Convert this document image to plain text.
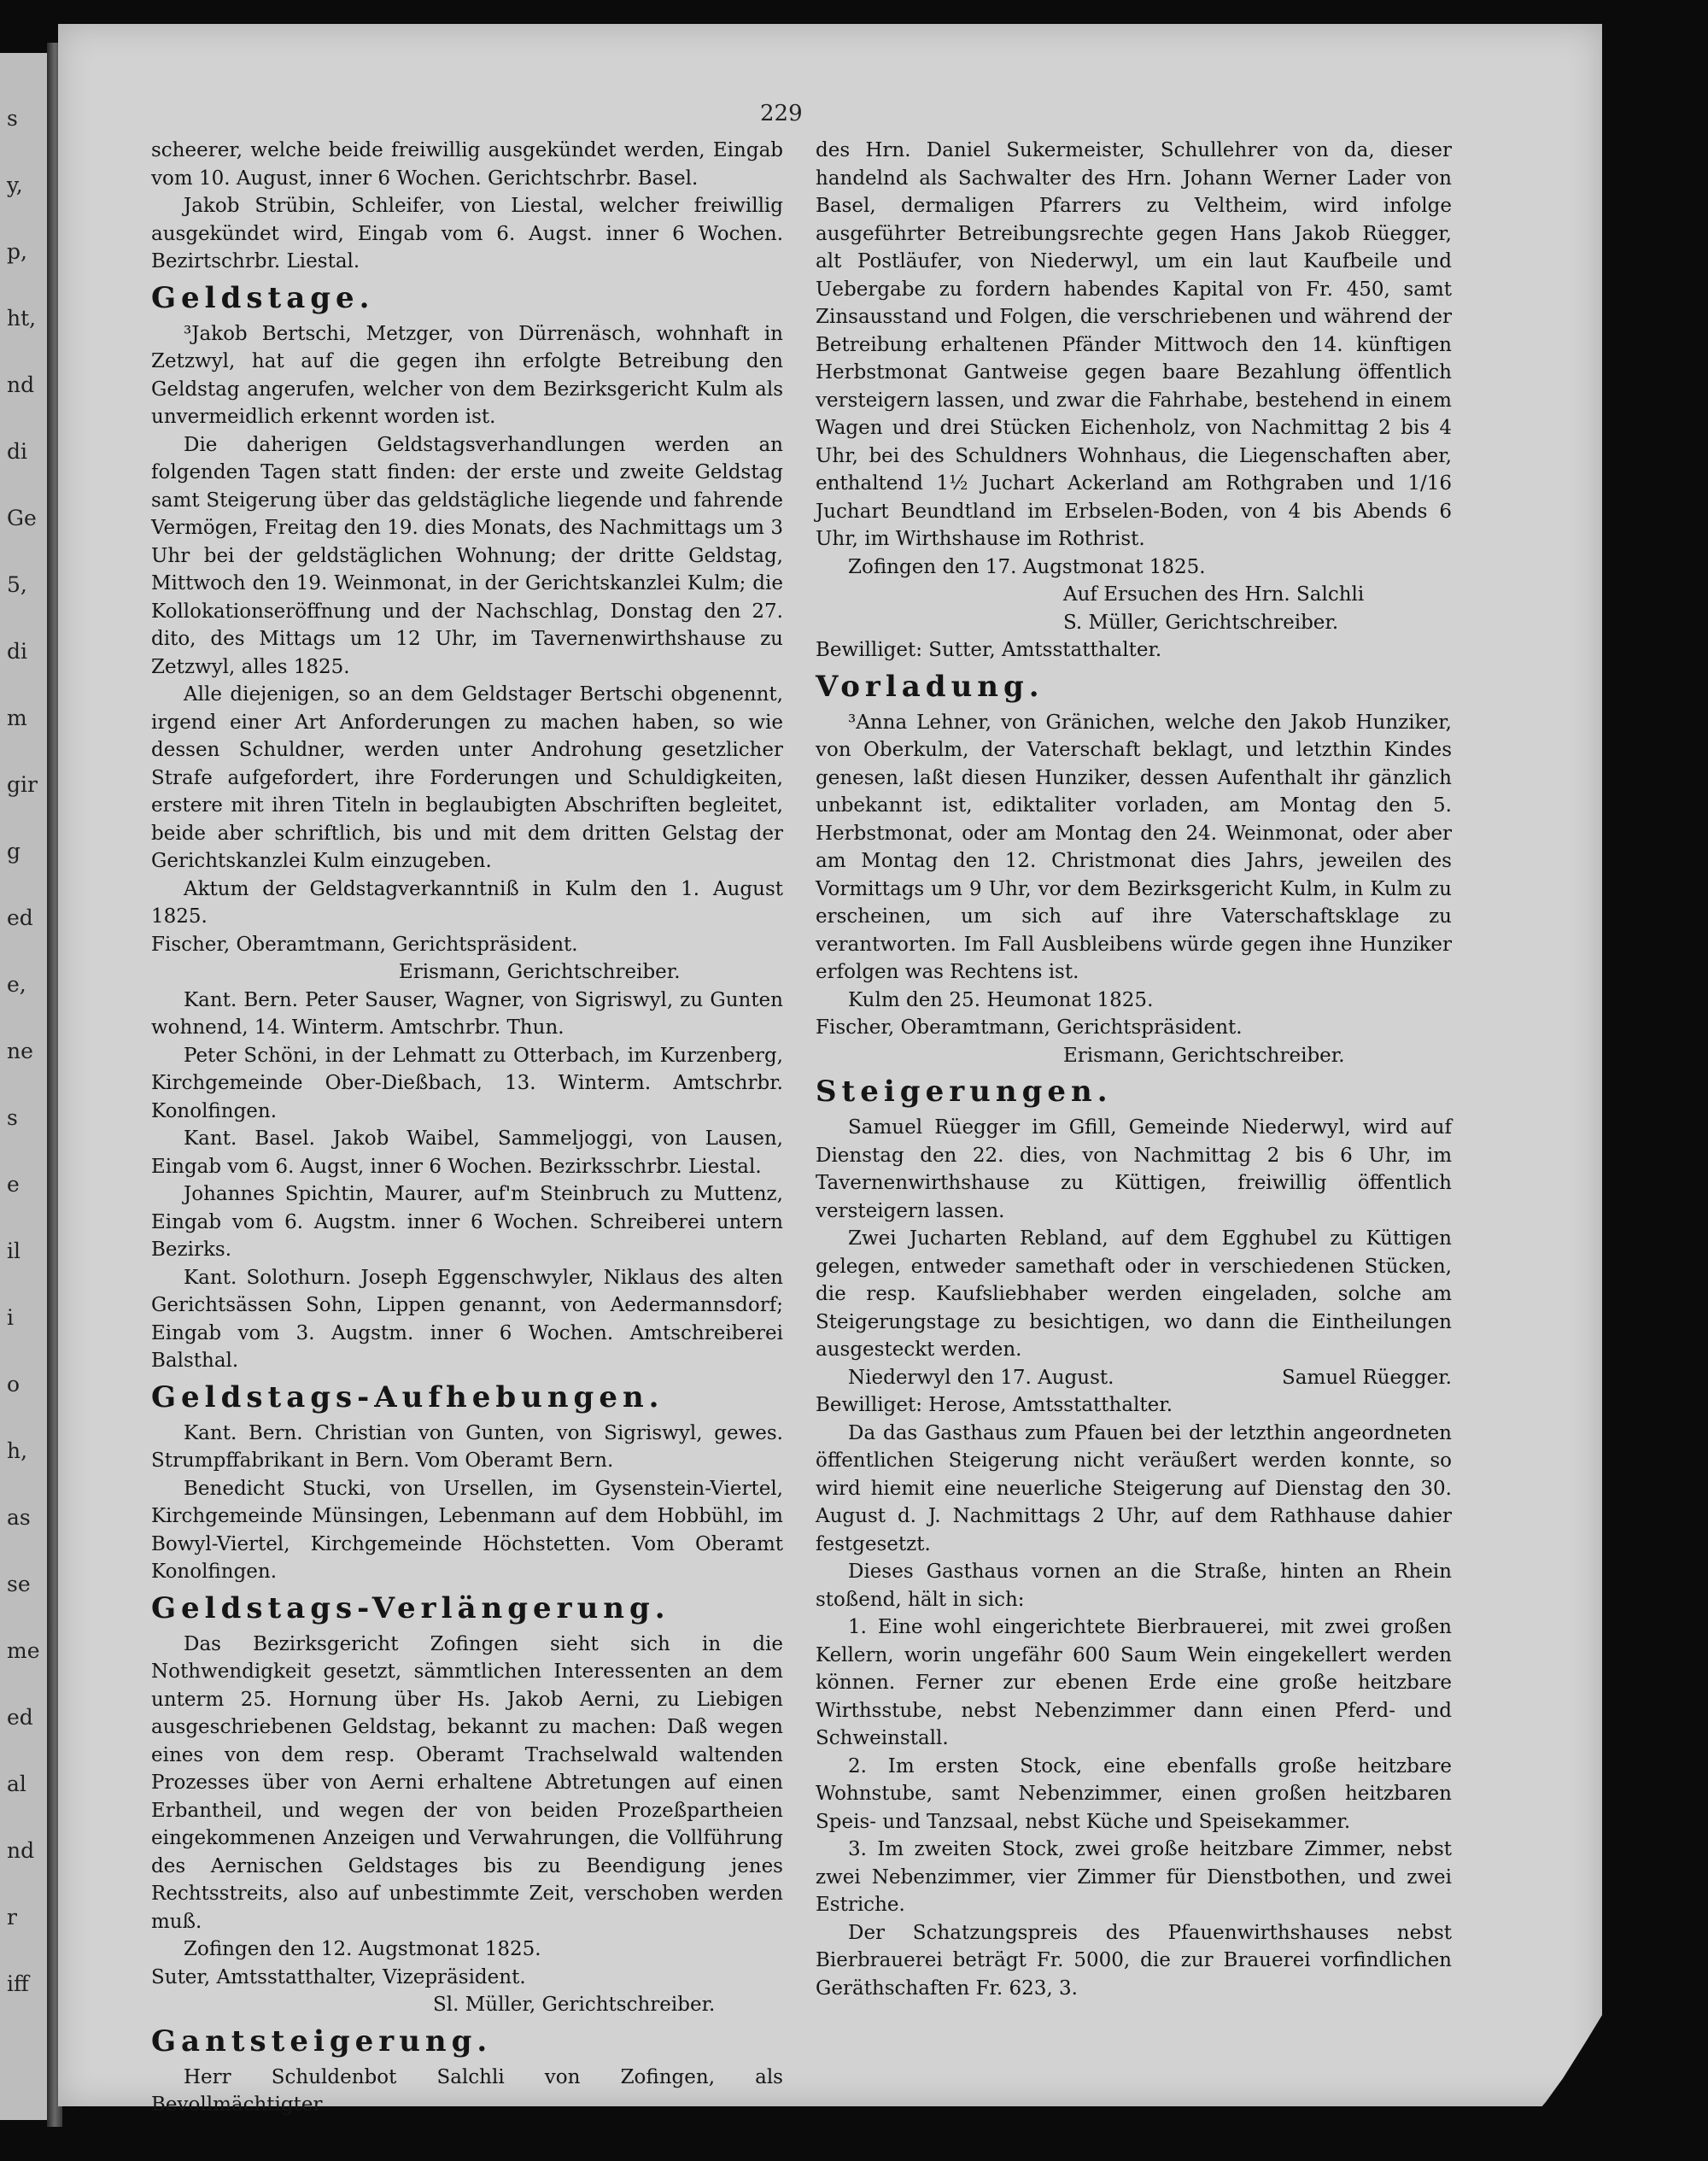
s
y,
p,
ht,
nd
di
Ge
5,
di
m
gir
g
ed
e,
ne
s
e
il
i
o
h,
as
se
me
ed
al
nd
r
iff
229

scheerer, welche beide freiwillig ausgekündet werden, Eingab vom 10. August, inner 6 Wochen. Gerichtschrbr. Basel.

Jakob Strübin, Schleifer, von Liestal, welcher freiwillig ausgekündet wird, Eingab vom 6. Augst. inner 6 Wochen. Bezirtschrbr. Liestal.

Geldstage.

³Jakob Bertschi, Metzger, von Dürrenäsch, wohnhaft in Zetzwyl, hat auf die gegen ihn erfolgte Betreibung den Geldstag angerufen, welcher von dem Bezirksgericht Kulm als unvermeidlich erkennt worden ist.

Die daherigen Geldstagsverhandlungen werden an folgenden Tagen statt finden: der erste und zweite Geldstag samt Steigerung über das geldstägliche liegende und fahrende Vermögen, Freitag den 19. dies Monats, des Nachmittags um 3 Uhr bei der geldstäglichen Wohnung; der dritte Geldstag, Mittwoch den 19. Weinmonat, in der Gerichtskanzlei Kulm; die Kollokationseröffnung und der Nachschlag, Donstag den 27. dito, des Mittags um 12 Uhr, im Tavernenwirthshause zu Zetzwyl, alles 1825.

Alle diejenigen, so an dem Geldstager Bertschi obgenennt, irgend einer Art Anforderungen zu machen haben, so wie dessen Schuldner, werden unter Androhung gesetzlicher Strafe aufgefordert, ihre Forderungen und Schuldigkeiten, erstere mit ihren Titeln in beglaubigten Abschriften begleitet, beide aber schriftlich, bis und mit dem dritten Gelstag der Gerichtskanzlei Kulm einzugeben.

Aktum der Geldstagverkanntniß in Kulm den 1. August 1825.

Fischer, Oberamtmann, Gerichtspräsident.

Erismann, Gerichtschreiber.

Kant. Bern. Peter Sauser, Wagner, von Sigriswyl, zu Gunten wohnend, 14. Winterm. Amtschrbr. Thun.

Peter Schöni, in der Lehmatt zu Otterbach, im Kurzenberg, Kirchgemeinde Ober-Dießbach, 13. Winterm. Amtschrbr. Konolfingen.

Kant. Basel. Jakob Waibel, Sammeljoggi, von Lausen, Eingab vom 6. Augst, inner 6 Wochen. Bezirksschrbr. Liestal.

Johannes Spichtin, Maurer, auf'm Steinbruch zu Muttenz, Eingab vom 6. Augstm. inner 6 Wochen. Schreiberei untern Bezirks.

Kant. Solothurn. Joseph Eggenschwyler, Niklaus des alten Gerichtsässen Sohn, Lippen genannt, von Aedermannsdorf; Eingab vom 3. Augstm. inner 6 Wochen. Amtschreiberei Balsthal.

Geldstags-Aufhebungen.

Kant. Bern. Christian von Gunten, von Sigriswyl, gewes. Strumpffabrikant in Bern. Vom Oberamt Bern.

Benedicht Stucki, von Ursellen, im Gysenstein-Viertel, Kirchgemeinde Münsingen, Lebenmann auf dem Hobbühl, im Bowyl-Viertel, Kirchgemeinde Höchstetten. Vom Oberamt Konolfingen.

Geldstags-Verlängerung.

Das Bezirksgericht Zofingen sieht sich in die Nothwendigkeit gesetzt, sämmtlichen Interessenten an dem unterm 25. Hornung über Hs. Jakob Aerni, zu Liebigen ausgeschriebenen Geldstag, bekannt zu machen: Daß wegen eines von dem resp. Oberamt Trachselwald waltenden Prozesses über von Aerni erhaltene Abtretungen auf einen Erbantheil, und wegen der von beiden Prozeßpartheien eingekommenen Anzeigen und Verwahrungen, die Vollführung des Aernischen Geldstages bis zu Beendigung jenes Rechtsstreits, also auf unbestimmte Zeit, verschoben werden muß.

Zofingen den 12. Augstmonat 1825.

Suter, Amtsstatthalter, Vizepräsident.

Sl. Müller, Gerichtschreiber.

Gantsteigerung.

Herr Schuldenbot Salchli von Zofingen, als Bevollmächtigter

des Hrn. Daniel Sukermeister, Schullehrer von da, dieser handelnd als Sachwalter des Hrn. Johann Werner Lader von Basel, dermaligen Pfarrers zu Veltheim, wird infolge ausgeführter Betreibungsrechte gegen Hans Jakob Rüegger, alt Postläufer, von Niederwyl, um ein laut Kaufbeile und Uebergabe zu fordern habendes Kapital von Fr. 450, samt Zinsausstand und Folgen, die verschriebenen und während der Betreibung erhaltenen Pfänder Mittwoch den 14. künftigen Herbstmonat Gantweise gegen baare Bezahlung öffentlich versteigern lassen, und zwar die Fahrhabe, bestehend in einem Wagen und drei Stücken Eichenholz, von Nachmittag 2 bis 4 Uhr, bei des Schuldners Wohnhaus, die Liegenschaften aber, enthaltend 1½ Juchart Ackerland am Rothgraben und 1/16 Juchart Beundtland im Erbselen-Boden, von 4 bis Abends 6 Uhr, im Wirthshause im Rothrist.

Zofingen den 17. Augstmonat 1825.

Auf Ersuchen des Hrn. Salchli

S. Müller, Gerichtschreiber.

Bewilliget: Sutter, Amtsstatthalter.

Vorladung.

³Anna Lehner, von Gränichen, welche den Jakob Hunziker, von Oberkulm, der Vaterschaft beklagt, und letzthin Kindes genesen, laßt diesen Hunziker, dessen Aufenthalt ihr gänzlich unbekannt ist, ediktaliter vorladen, am Montag den 5. Herbstmonat, oder am Montag den 24. Weinmonat, oder aber am Montag den 12. Christmonat dies Jahrs, jeweilen des Vormittags um 9 Uhr, vor dem Bezirksgericht Kulm, in Kulm zu erscheinen, um sich auf ihre Vaterschaftsklage zu verantworten. Im Fall Ausbleibens würde gegen ihne Hunziker erfolgen was Rechtens ist.

Kulm den 25. Heumonat 1825.

Fischer, Oberamtmann, Gerichtspräsident.

Erismann, Gerichtschreiber.

Steigerungen.

Samuel Rüegger im Gfill, Gemeinde Niederwyl, wird auf Dienstag den 22. dies, von Nachmittag 2 bis 6 Uhr, im Tavernenwirthshause zu Küttigen, freiwillig öffentlich versteigern lassen.

Zwei Jucharten Rebland, auf dem Egghubel zu Küttigen gelegen, entweder samethaft oder in verschiedenen Stücken, die resp. Kaufsliebhaber werden eingeladen, solche am Steigerungstage zu besichtigen, wo dann die Eintheilungen ausgesteckt werden.

Niederwyl den 17. August.	Samuel Rüegger.

Bewilliget: Herose, Amtsstatthalter.

Da das Gasthaus zum Pfauen bei der letzthin angeordneten öffentlichen Steigerung nicht veräußert werden konnte, so wird hiemit eine neuerliche Steigerung auf Dienstag den 30. August d. J. Nachmittags 2 Uhr, auf dem Rathhause dahier festgesetzt.

Dieses Gasthaus vornen an die Straße, hinten an Rhein stoßend, hält in sich:

1. Eine wohl eingerichtete Bierbrauerei, mit zwei großen Kellern, worin ungefähr 600 Saum Wein eingekellert werden können. Ferner zur ebenen Erde eine große heitzbare Wirthsstube, nebst Nebenzimmer dann einen Pferd- und Schweinstall.

2. Im ersten Stock, eine ebenfalls große heitzbare Wohnstube, samt Nebenzimmer, einen großen heitzbaren Speis- und Tanzsaal, nebst Küche und Speisekammer.

3. Im zweiten Stock, zwei große heitzbare Zimmer, nebst zwei Nebenzimmer, vier Zimmer für Dienstbothen, und zwei Estriche.

Der Schatzungspreis des Pfauenwirthshauses nebst Bierbrauerei beträgt Fr. 5000, die zur Brauerei vorfindlichen Geräthschaften Fr. 623, 3.
